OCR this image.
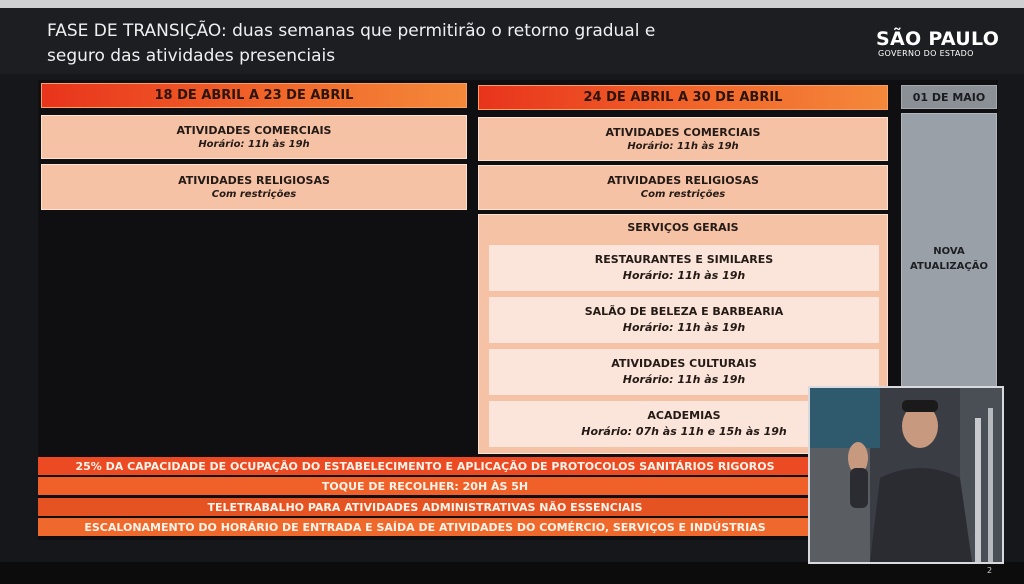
FASE DE TRANSIÇÃO: duas semanas que permitirão o retorno gradual e
seguro das atividades presenciais
SÃO PAULO
GOVERNO DO ESTADO
18 DE ABRIL A 23 DE ABRIL	24 DE ABRIL A 30 DE ABRIL	01 DE MAIO
ATIVIDADES COMERCIAIS
Horário: 11h às 19h
ATIVIDADES RELIGIOSAS
Com restrições
ATIVIDADES COMERCIAIS
Horário: 11h às 19h
ATIVIDADES RELIGIOSAS
Com restrições
SERVIÇOS GERAIS
RESTAURANTES E SIMILARES
Horário: 11h às 19h
SALÃO DE BELEZA E BARBEARIA
Horário: 11h às 19h
ATIVIDADES CULTURAIS
Horário: 11h às 19h
ACADEMIAS
Horário: 07h às 11h e 15h às 19h
NOVA
ATUALIZAÇÃO
25% DA CAPACIDADE DE OCUPAÇÃO DO ESTABELECIMENTO E APLICAÇÃO DE PROTOCOLOS SANITÁRIOS RIGOROS
TOQUE DE RECOLHER: 20H ÀS 5H
TELETRABALHO PARA ATIVIDADES ADMINISTRATIVAS NÃO ESSENCIAIS
ESCALONAMENTO DO HORÁRIO DE ENTRADA E SAÍDA DE ATIVIDADES DO COMÉRCIO, SERVIÇOS E INDÚSTRIAS
2
